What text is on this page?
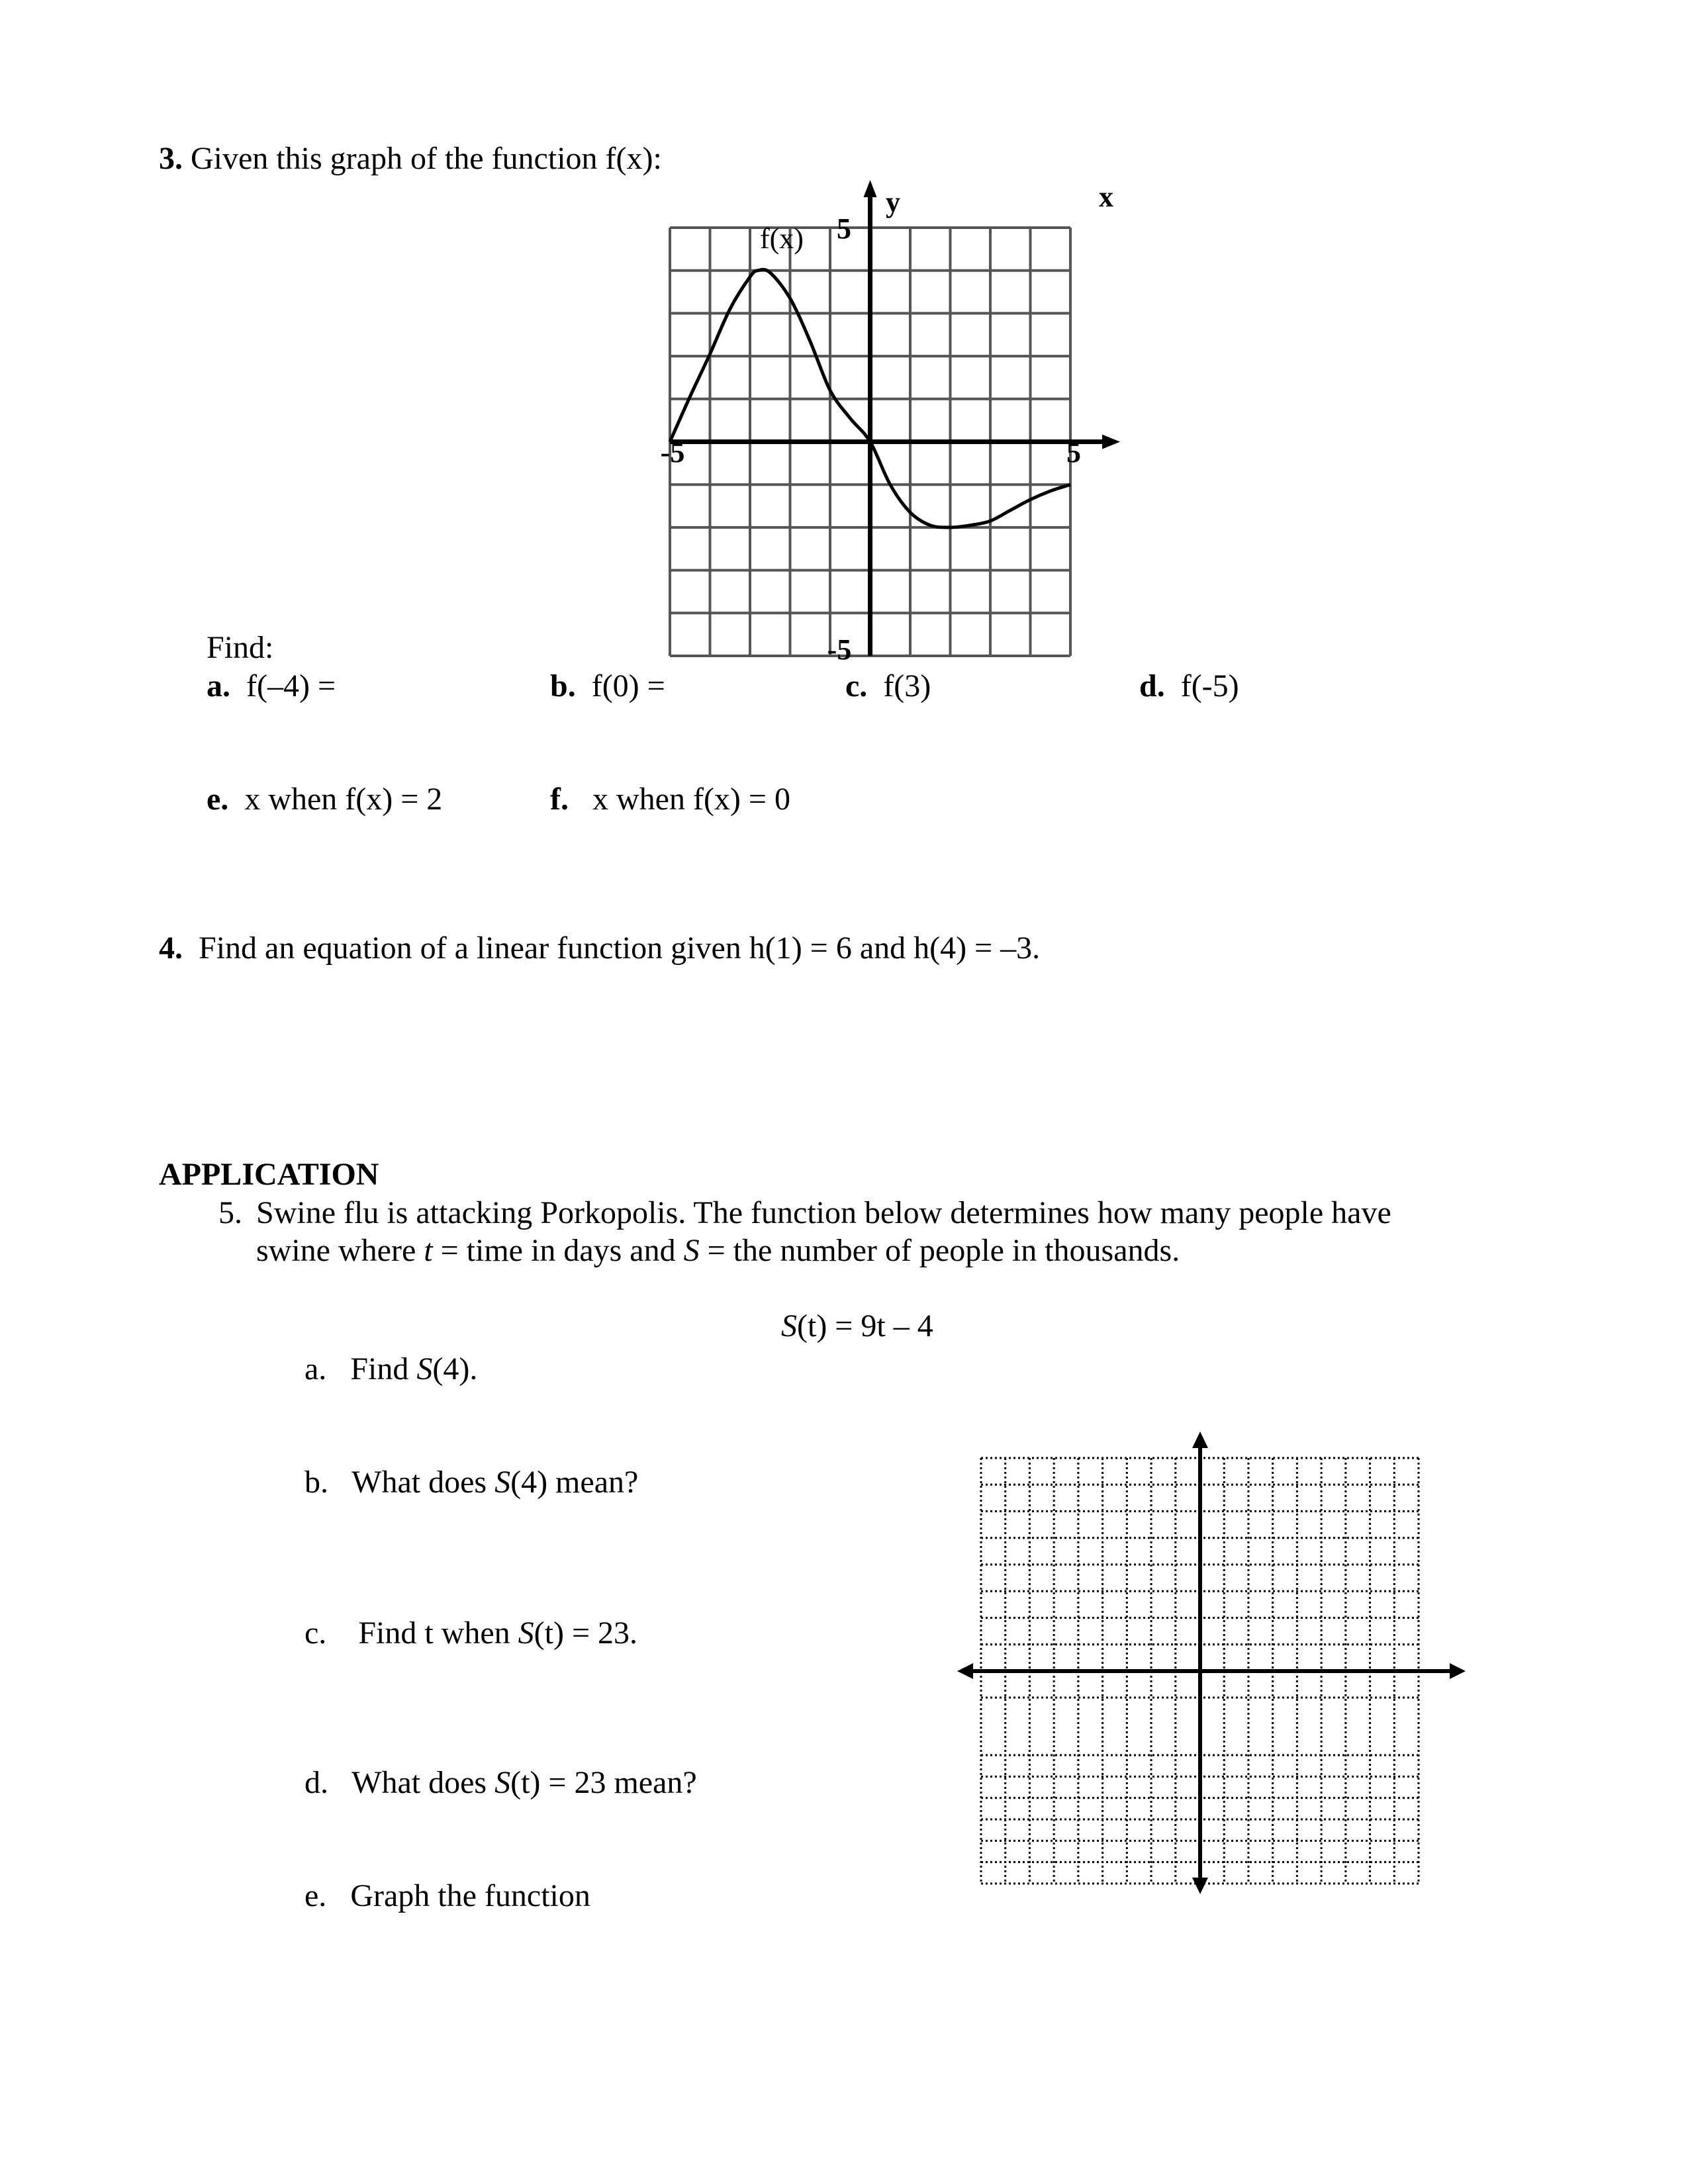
3. Given this graph of the function f(x):
f(x) 5
-5
-5	5
x
y
Find:
a. f(–4) =	b. f(0) =	c. f(3)	d. f(-5)
e. x when f(x) = 2	f. x when f(x) = 0
4. Find an equation of a linear function given h(1) = 6 and h(4) = –3.
APPLICATION
5. Swine flu is attacking Porkopolis. The function below determines how many people have
swine where t = time in days and S = the number of people in thousands.
S(t) = 9t – 4
a. Find S(4).
b. What does S(4) mean?
c. Find t when S(t) = 23.
d. What does S(t) = 23 mean?
e. Graph the function
